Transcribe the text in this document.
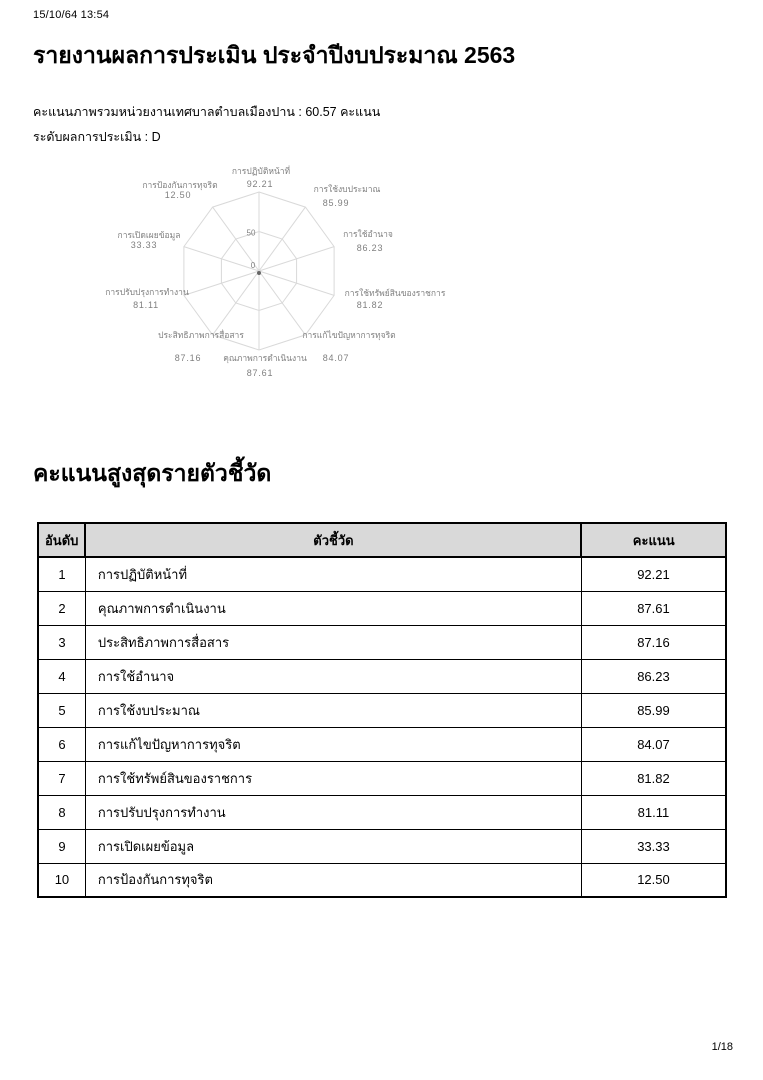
15/10/64 13:54
รายงานผลการประเมิน ประจำปีงบประมาณ 2563
คะแนนภาพรวมหน่วยงานเทศบาลตำบลเมืองปาน : 60.57 คะแนน
ระดับผลการประเมิน : D
50
0
การปฏิบัติหน้าที่
92.21	การใช้งบประมาณ
85.99
การใช้อำนาจ
86.23
การใช้ทรัพย์สินของราชการ
81.82
การแก้ไขปัญหาการทุจริต
84.07
คุณภาพการดำเนินงาน
87.61
ประสิทธิภาพการสื่อสาร
87.16
การปรับปรุงการทำงาน
81.11
การเปิดเผยข้อมูล
33.33
การป้องกันการทุจริต
12.50
คะแนนสูงสุดรายตัวชี้วัด
อันดับ	ตัวชี้วัด	คะแนน
1	การปฏิบัติหน้าที่	92.21
2	คุณภาพการดำเนินงาน	87.61
3	ประสิทธิภาพการสื่อสาร	87.16
4	การใช้อำนาจ	86.23
5	การใช้งบประมาณ	85.99
6	การแก้ไขปัญหาการทุจริต	84.07
7	การใช้ทรัพย์สินของราชการ	81.82
8	การปรับปรุงการทำงาน	81.11
9	การเปิดเผยข้อมูล	33.33
10	การป้องกันการทุจริต	12.50
1/18
